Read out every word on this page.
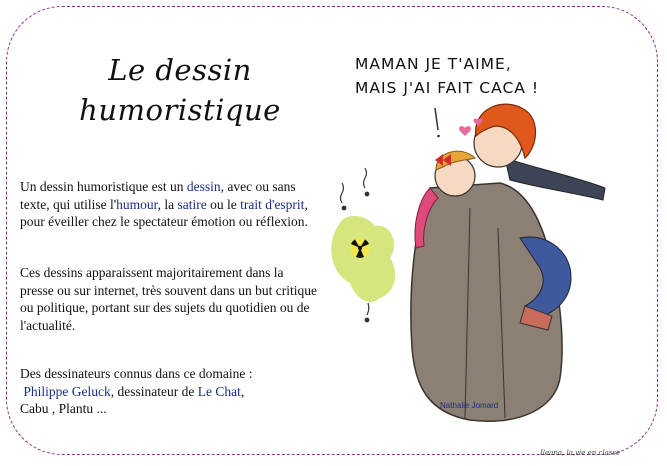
Le dessin
humoristique
Un dessin humoristique est un dessin, avec ou sans texte, qui utilise l'humour, la satire ou le trait d'esprit, pour éveiller chez le spectateur émotion ou réflexion.
Ces dessins apparaissent majoritairement dans la presse ou sur internet, très souvent dans un but critique ou politique, portant sur des sujets du quotidien ou de l'actualité.
Des dessinateurs connus dans ce domaine :
Philippe Geluck, dessinateur de Le Chat,
Cabu , Plantu ...
MAMAN JE T'AIME,
MAIS J'AI FAIT CACA !
Nathalie Jomard
Ileana, la vie en classe
